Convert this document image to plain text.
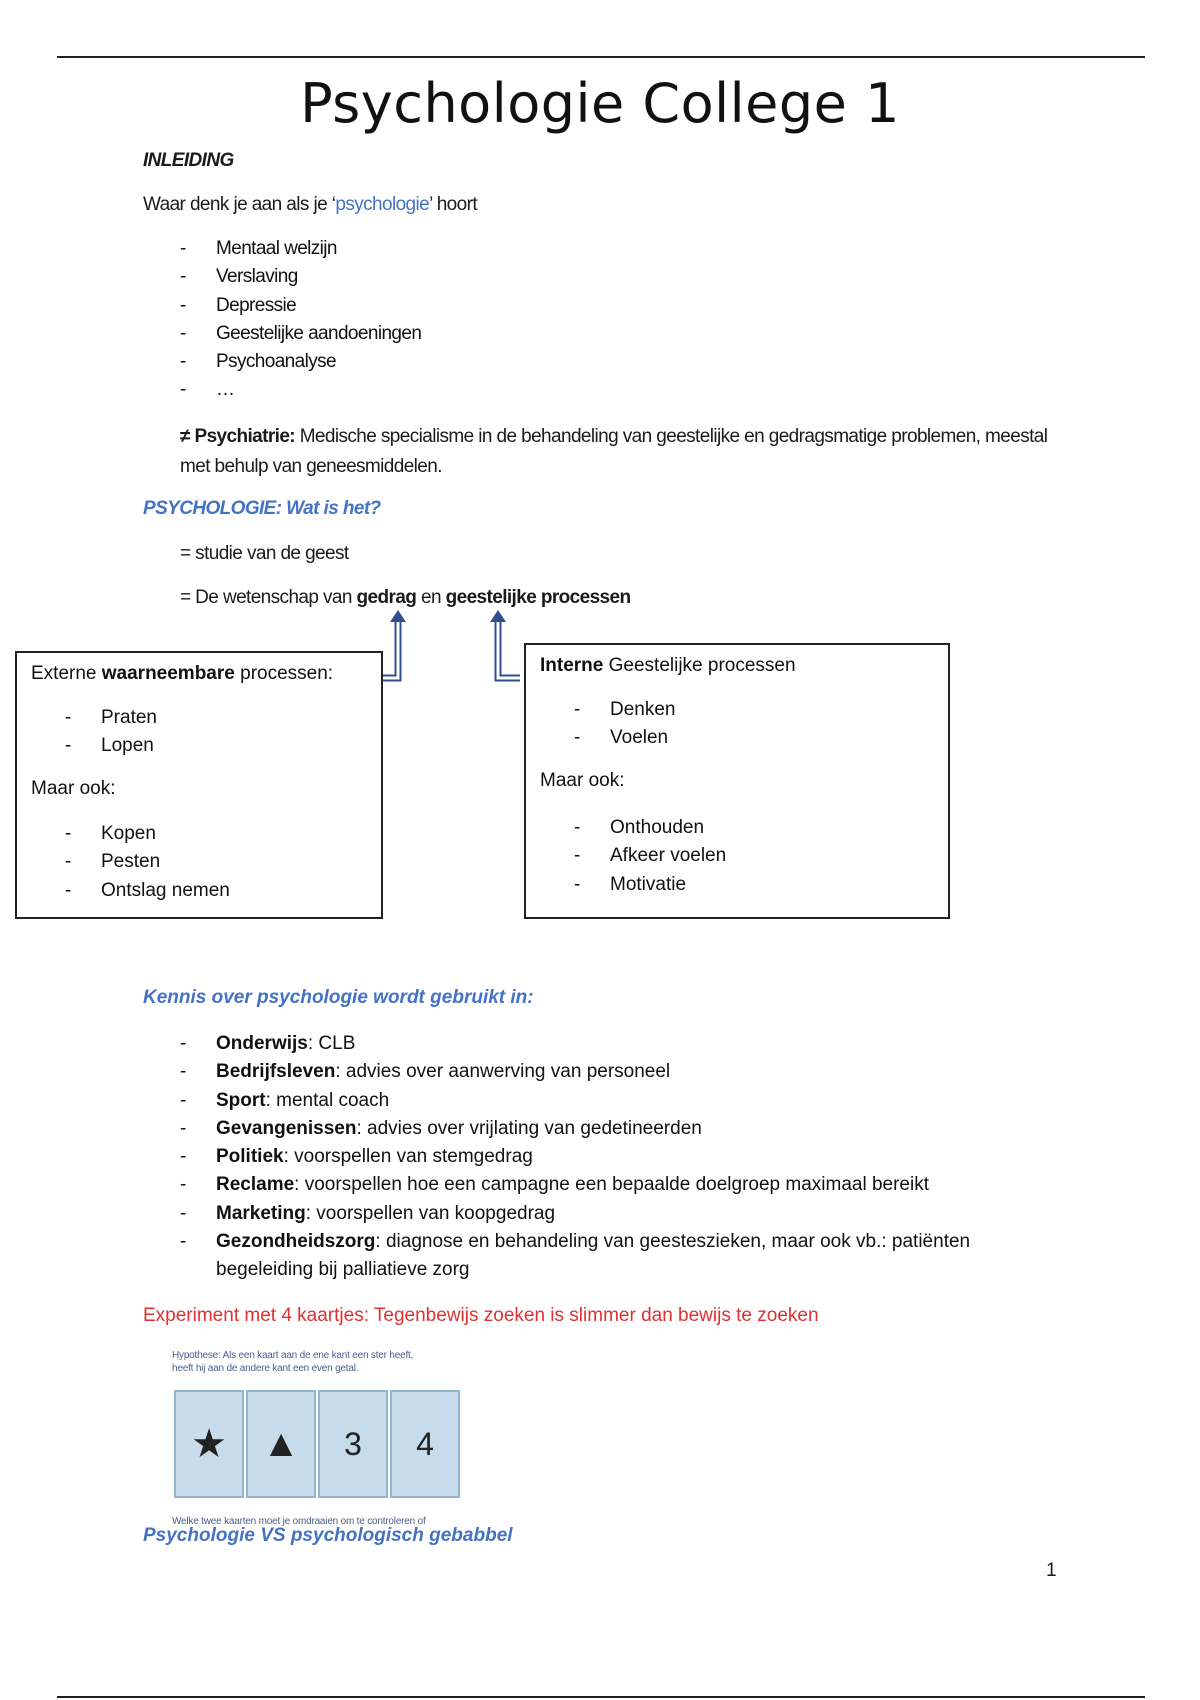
Psychologie College 1
INLEIDING
Waar denk je aan als je ‘psychologie’ hoort
- Mentaal welzijn
- Verslaving
- Depressie
- Geestelijke aandoeningen
- Psychoanalyse
- …
≠ Psychiatrie: Medische specialisme in de behandeling van geestelijke en gedragsmatige problemen, meestal met behulp van geneesmiddelen.
PSYCHOLOGIE: Wat is het?
= studie van de geest
= De wetenschap van gedrag en geestelijke processen
Externe waarneembare processen:
- Praten
- Lopen
Maar ook:
- Kopen
- Pesten
- Ontslag nemen
Interne Geestelijke processen
- Denken
- Voelen
Maar ook:
- Onthouden
- Afkeer voelen
- Motivatie
Kennis over psychologie wordt gebruikt in:
- Onderwijs: CLB
- Bedrijfsleven: advies over aanwerving van personeel
- Sport: mental coach
- Gevangenissen: advies over vrijlating van gedetineerden
- Politiek: voorspellen van stemgedrag
- Reclame: voorspellen hoe een campagne een bepaalde doelgroep maximaal bereikt
- Marketing: voorspellen van koopgedrag
- Gezondheidszorg: diagnose en behandeling van geesteszieken, maar ook vb.: patiënten begeleiding bij palliatieve zorg
Experiment met 4 kaartjes: Tegenbewijs zoeken is slimmer dan bewijs te zoeken
Hypothese: Als een kaart aan de ene kant een ster heeft,
heeft hij aan de andere kant een even getal.
★ ▲	3	4
Welke twee kaarten moet je omdraaien om te controleren of
Psychologie VS psychologisch gebabbel
1
